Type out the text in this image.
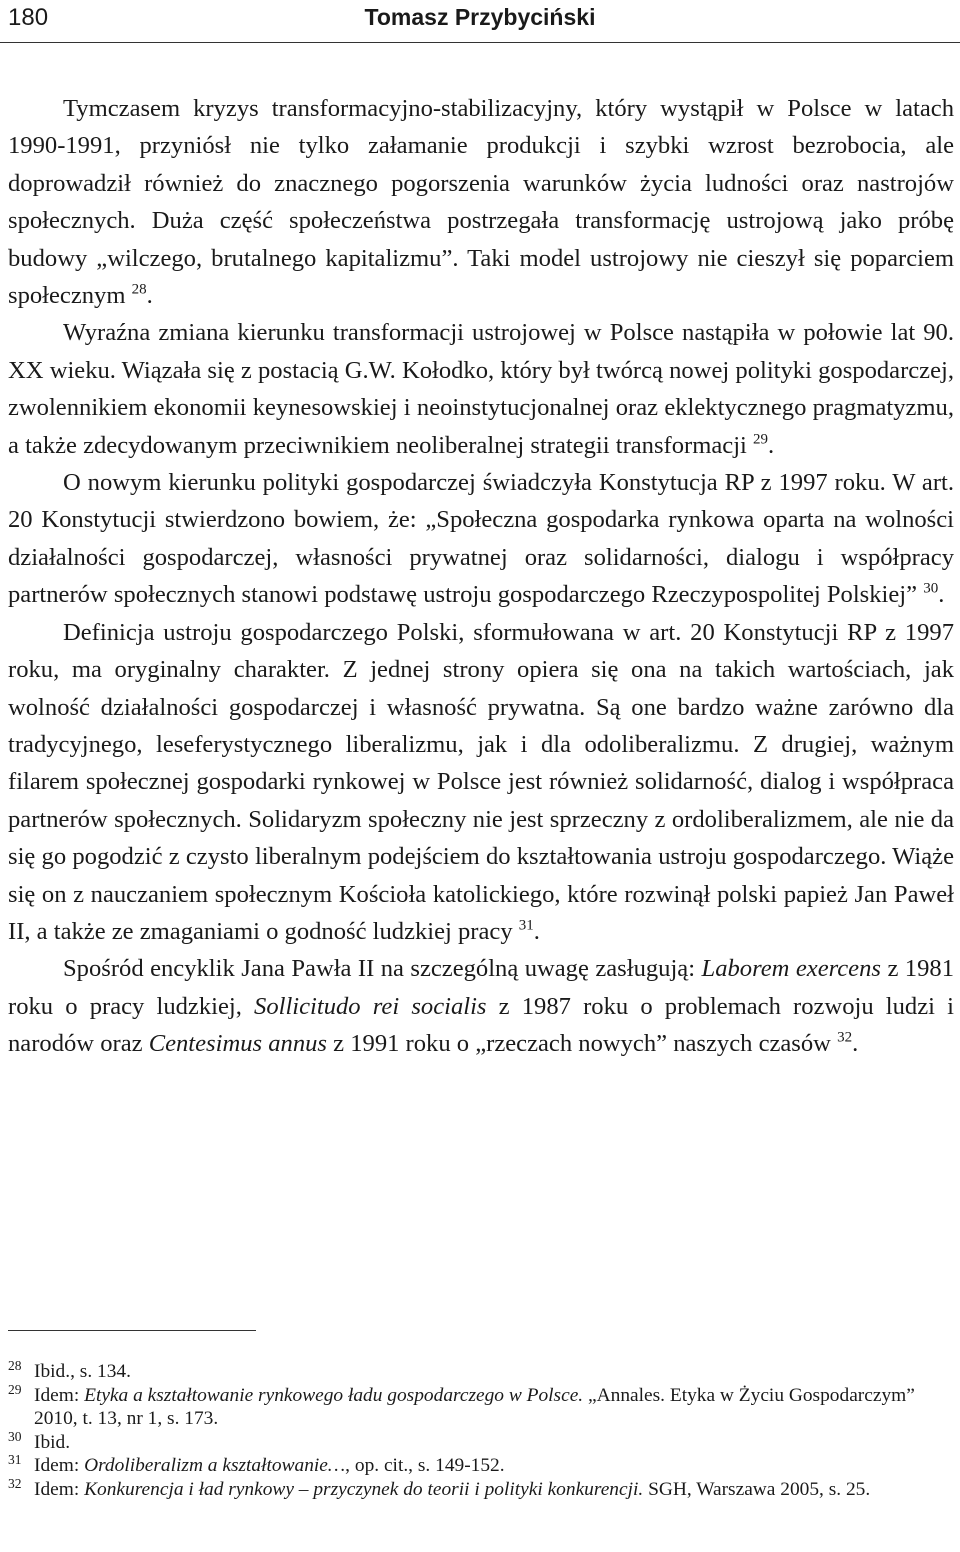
180	Tomasz Przybyciński

Tymczasem kryzys transformacyjno-stabilizacyjny, który wystąpił w Polsce w latach 1990-1991, przyniósł nie tylko załamanie produkcji i szybki wzrost bezrobocia, ale doprowadził również do znacznego pogorszenia warunków życia ludności oraz nastrojów społecznych. Duża część społeczeństwa postrzegała transformację ustrojową jako próbę budowy „wilczego, brutalnego kapitalizmu”. Taki model ustrojowy nie cieszył się poparciem społecznym $^{28}$.

Wyraźna zmiana kierunku transformacji ustrojowej w Polsce nastąpiła w połowie lat 90. XX wieku. Wiązała się z postacią G.W. Kołodko, który był twórcą nowej polityki gospodarczej, zwolennikiem ekonomii keynesowskiej i neoinstytucjonalnej oraz eklektycznego pragmatyzmu, a także zdecydowanym przeciwnikiem neoliberalnej strategii transformacji $^{29}$.

O nowym kierunku polityki gospodarczej świadczyła Konstytucja RP z 1997 roku. W art. 20 Konstytucji stwierdzono bowiem, że: „Społeczna gospodarka rynkowa oparta na wolności działalności gospodarczej, własności prywatnej oraz solidarności, dialogu i współpracy partnerów społecznych stanowi podstawę ustroju gospodarczego Rzeczypospolitej Polskiej” $^{30}$.

Definicja ustroju gospodarczego Polski, sformułowana w art. 20 Konstytucji RP z 1997 roku, ma oryginalny charakter. Z jednej strony opiera się ona na takich wartościach, jak wolność działalności gospodarczej i własność prywatna. Są one bardzo ważne zarówno dla tradycyjnego, leseferystycznego liberalizmu, jak i dla odoliberalizmu. Z drugiej, ważnym filarem społecznej gospodarki rynkowej w Polsce jest również solidarność, dialog i współpraca partnerów społecznych. Solidaryzm społeczny nie jest sprzeczny z ordoliberalizmem, ale nie da się go pogodzić z czysto liberalnym podejściem do kształtowania ustroju gospodarczego. Wiąże się on z nauczaniem społecznym Kościoła katolickiego, które rozwinął polski papież Jan Paweł II, a także ze zmaganiami o godność ludzkiej pracy $^{31}$.

Spośród encyklik Jana Pawła II na szczególną uwagę zasługują: Laborem exercens z 1981 roku o pracy ludzkiej, Sollicitudo rei socialis z 1987 roku o problemach rozwoju ludzi i narodów oraz Centesimus annus z 1991 roku o „rzeczach nowych” naszych czasów $^{32}$.

28 Ibid., s. 134.
29 Idem: Etyka a kształtowanie rynkowego ładu gospodarczego w Polsce. „Annales. Etyka w Życiu Gospodarczym” 2010, t. 13, nr 1, s. 173.
30 Ibid.
31 Idem: Ordoliberalizm a kształtowanie…, op. cit., s. 149-152.
32 Idem: Konkurencja i ład rynkowy – przyczynek do teorii i polityki konkurencji. SGH, Warszawa 2005, s. 25.
